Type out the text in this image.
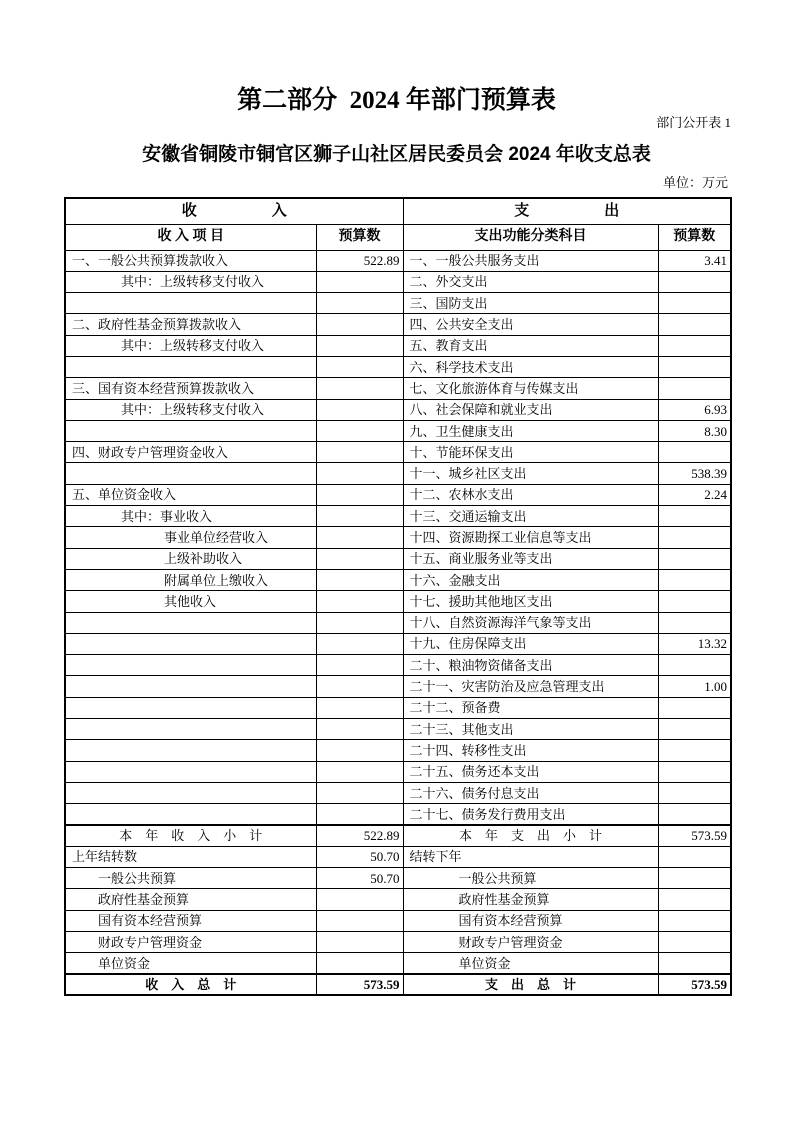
第二部分  2024 年部门预算表
部门公开表 1
安徽省铜陵市铜官区狮子山社区居民委员会 2024 年收支总表
单位：万元
收　　　　　入		支　　　　　出	
收 入 项 目	预算数	支出功能分类科目	预算数
一、一般公共预算拨款收入	522.89	一、一般公共服务支出	3.41
其中：上级转移支付收入		二、外交支出	
		三、国防支出	
二、政府性基金预算拨款收入		四、公共安全支出	
其中：上级转移支付收入		五、教育支出	
		六、科学技术支出	
三、国有资本经营预算拨款收入		七、文化旅游体育与传媒支出	
其中：上级转移支付收入		八、社会保障和就业支出	6.93
		九、卫生健康支出	8.30
四、财政专户管理资金收入		十、节能环保支出	
		十一、城乡社区支出	538.39
五、单位资金收入		十二、农林水支出	2.24
其中：事业收入		十三、交通运输支出	
事业单位经营收入		十四、资源勘探工业信息等支出	
上级补助收入		十五、商业服务业等支出	
附属单位上缴收入		十六、金融支出	
其他收入		十七、援助其他地区支出	
		十八、自然资源海洋气象等支出	
		十九、住房保障支出	13.32
		二十、粮油物资储备支出	
		二十一、灾害防治及应急管理支出	1.00
		二十二、预备费	
		二十三、其他支出	
		二十四、转移性支出	
		二十五、债务还本支出	
		二十六、债务付息支出	
		二十七、债务发行费用支出	
本　年　收　入　小　计	522.89	本　年　支　出　小　计	573.59
上年结转数	50.70	结转下年	
一般公共预算	50.70	一般公共预算	
政府性基金预算		政府性基金预算	
国有资本经营预算		国有资本经营预算	
财政专户管理资金		财政专户管理资金	
单位资金		单位资金	
收　入　总　计	573.59	支　出　总　计	573.59
